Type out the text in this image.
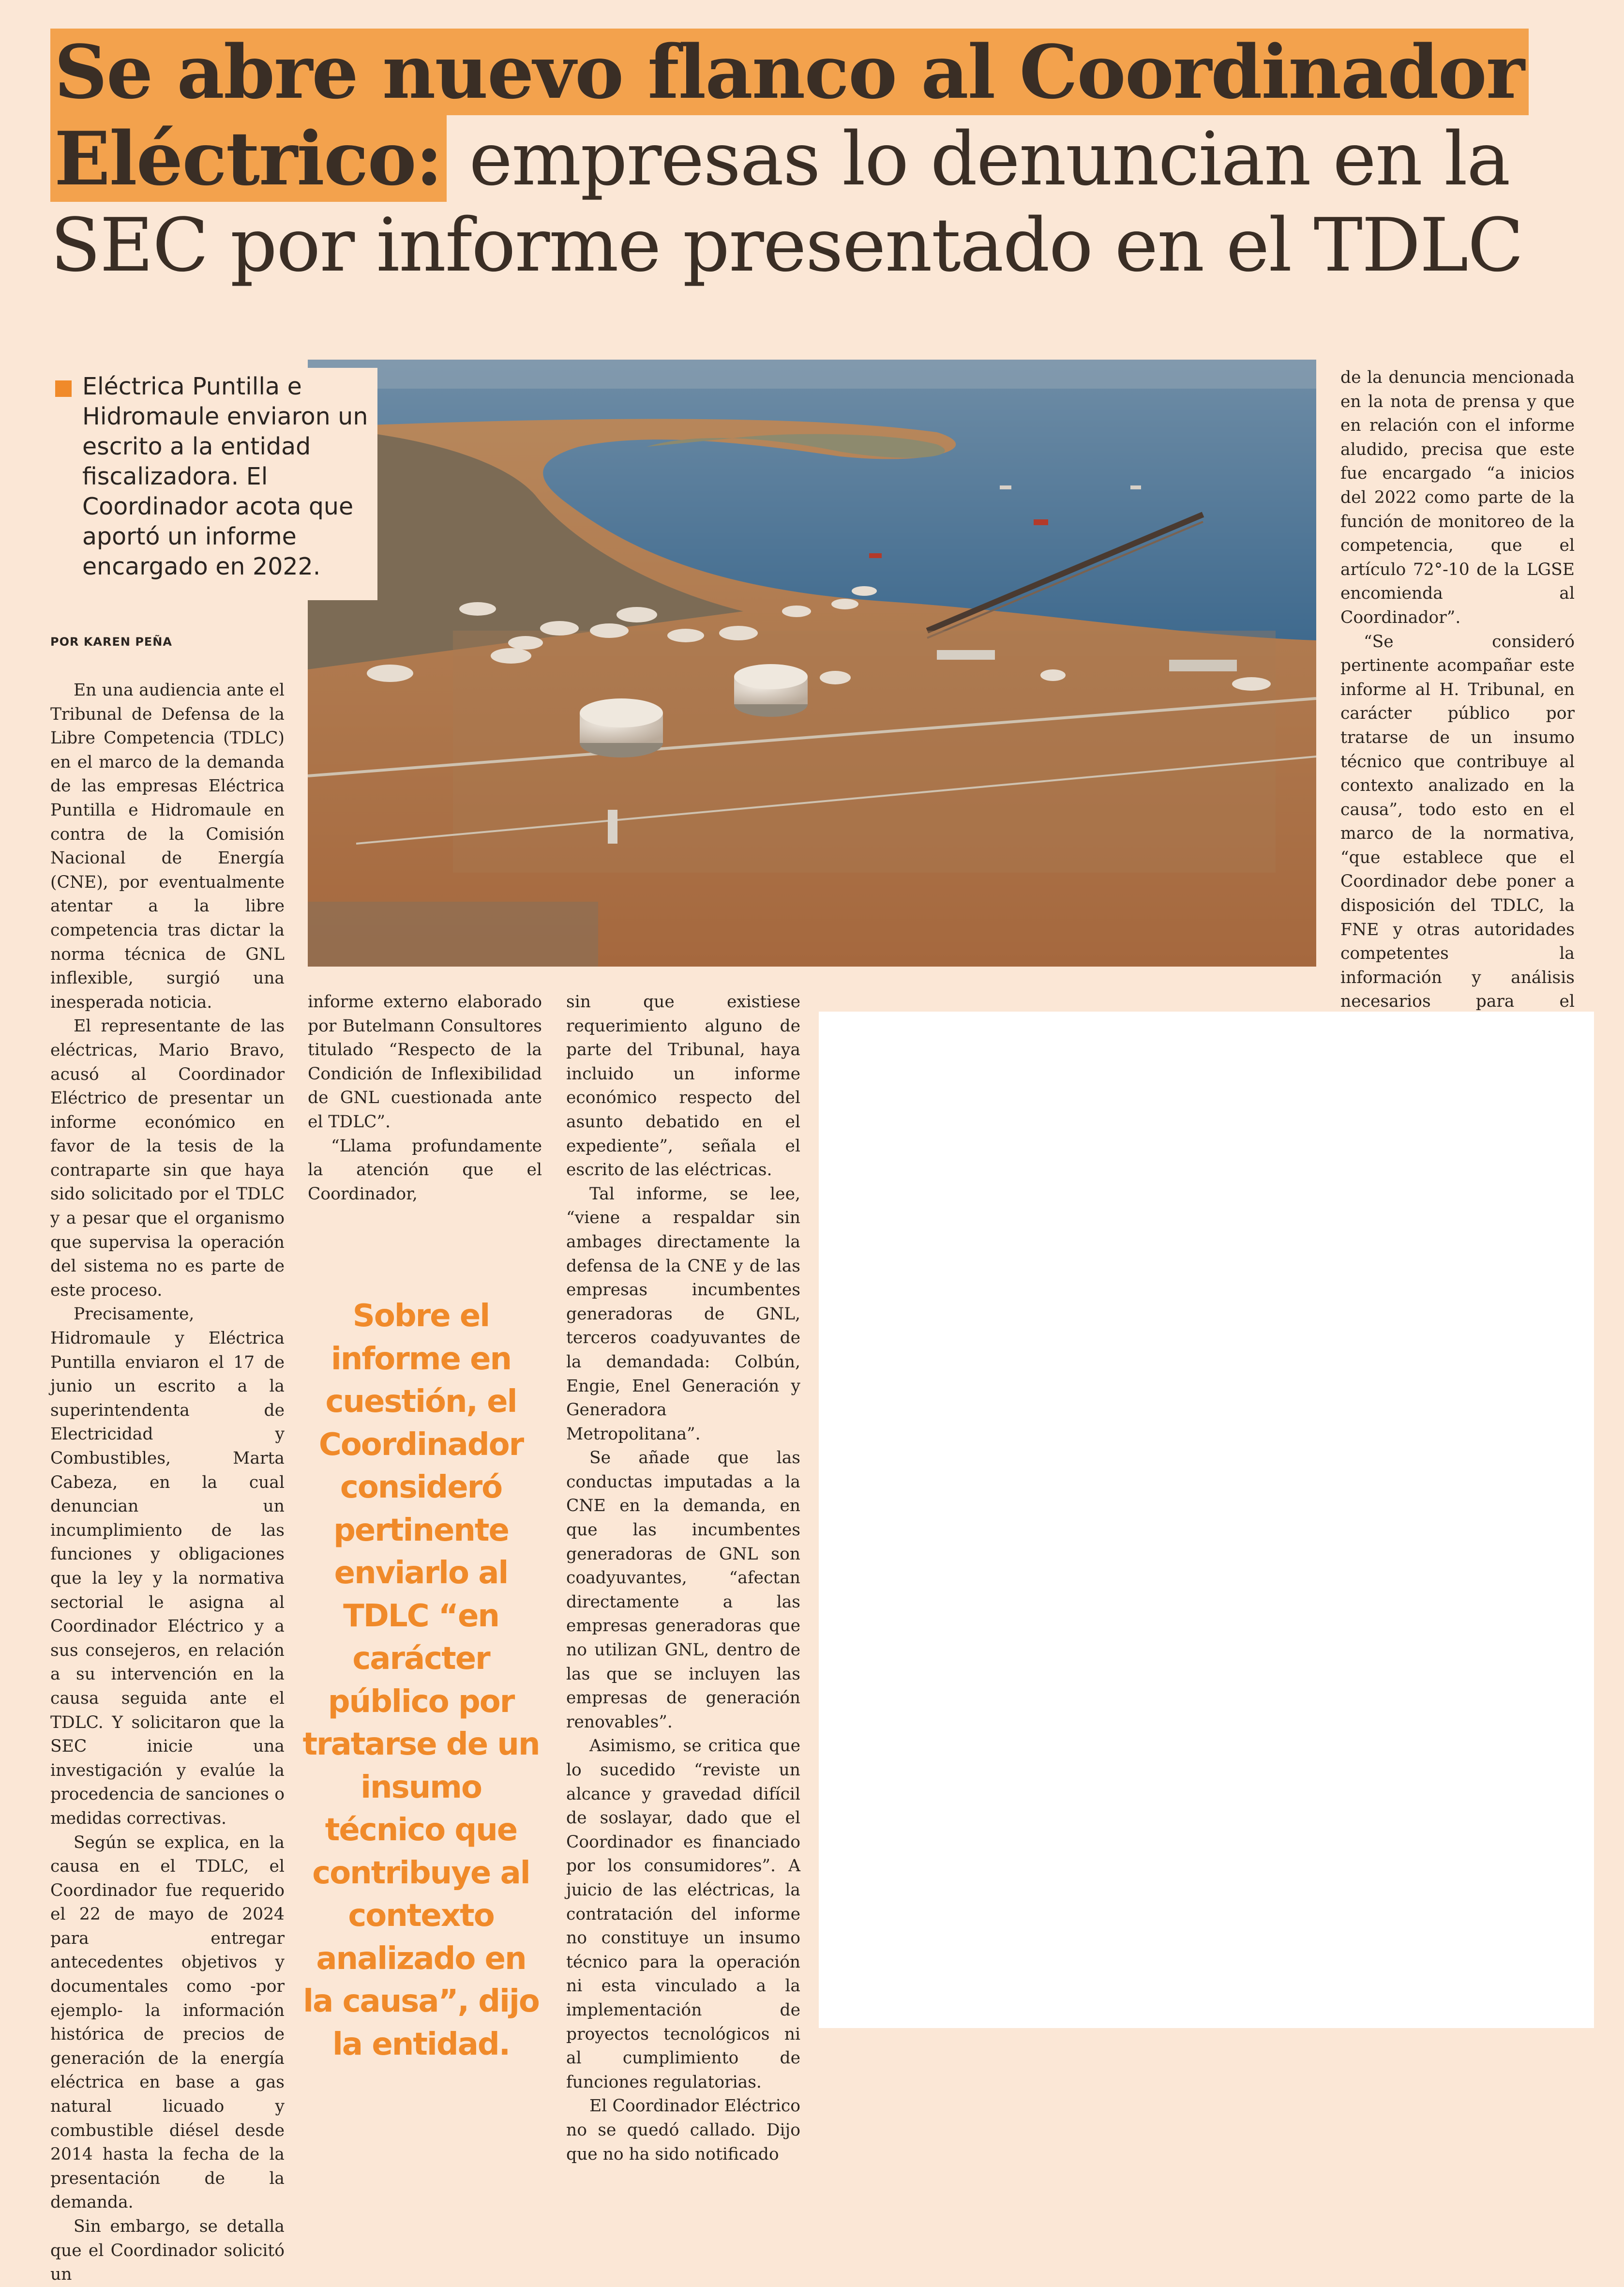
Se abre nuevo flanco al Coordinador
Eléctrico: empresas lo denuncian en la
SEC por informe presentado en el TDLC
Eléctrica Puntilla e Hidromaule enviaron un escrito a la entidad fiscalizadora. El Coordinador acota que aportó un informe encargado en 2022.
POR KAREN PEÑA

En una audiencia ante el Tribunal de Defensa de la Libre Competencia (TDLC) en el marco de la demanda de las empresas Eléctrica Puntilla e Hidromaule en contra de la Comisión Nacional de Energía (CNE), por eventualmente atentar a la libre competencia tras dictar la norma técnica de GNL inflexible, surgió una inesperada noticia.

El representante de las eléctricas, Mario Bravo, acusó al Coordinador Eléctrico de presentar un informe económico en favor de la tesis de la contraparte sin que haya sido solicitado por el TDLC y a pesar que el organismo que supervisa la operación del sistema no es parte de este proceso.

Precisamente, Hidromaule y Eléctrica Puntilla enviaron el 17 de junio un escrito a la superintendenta de Electricidad y Combustibles, Marta Cabeza, en la cual denuncian un incumplimiento de las funciones y obligaciones que la ley y la normativa sectorial le asigna al Coordinador Eléctrico y a sus consejeros, en relación a su intervención en la causa seguida ante el TDLC. Y solicitaron que la SEC inicie una investigación y evalúe la procedencia de sanciones o medidas correctivas.

Según se explica, en la causa en el TDLC, el Coordinador fue requerido el 22 de mayo de 2024 para entregar antecedentes objetivos y documentales como -por ejemplo- la información histórica de precios de generación de la energía eléctrica en base a gas natural licuado y combustible diésel desde 2014 hasta la fecha de la presentación de la demanda.

Sin embargo, se detalla que el Coordinador solicitó un

informe externo elaborado por Butelmann Consultores titulado “Respecto de la Condición de Inflexibilidad de GNL cuestionada ante el TDLC”.

“Llama profundamente la atención que el Coordinador,

Sobre el informe en cuestión, el Coordinador consideró pertinente enviarlo al TDLC “en carácter público por tratarse de un insumo técnico que contribuye al contexto analizado en la causa”, dijo la entidad.

sin que existiese requerimiento alguno de parte del Tribunal, haya incluido un informe económico respecto del asunto debatido en el expediente”, señala el escrito de las eléctricas.

Tal informe, se lee, “viene a respaldar sin ambages directamente la defensa de la CNE y de las empresas incumbentes generadoras de GNL, terceros coadyuvantes de la demandada: Colbún, Engie, Enel Generación y Generadora Metropolitana”.

Se añade que las conductas imputadas a la CNE en la demanda, en que las incumbentes generadoras de GNL son coadyuvantes, “afectan directamente a las empresas generadoras que no utilizan GNL, dentro de las que se incluyen las empresas de generación renovables”.

Asimismo, se critica que lo sucedido “reviste un alcance y gravedad difícil de soslayar, dado que el Coordinador es financiado por los consumidores”. A juicio de las eléctricas, la contratación del informe no constituye un insumo técnico para la operación ni esta vinculado a la implementación de proyectos tecnológicos ni al cumplimiento de funciones regulatorias.

El Coordinador Eléctrico no se quedó callado. Dijo que no ha sido notificado

de la denuncia mencionada en la nota de prensa y que en relación con el informe aludido, precisa que este fue encargado “a inicios del 2022 como parte de la función de monitoreo de la competencia, que el artículo 72°-10 de la LGSE encomienda al Coordinador”.

“Se consideró pertinente acompañar este informe al H. Tribunal, en carácter público por tratarse de un insumo técnico que contribuye al contexto analizado en la causa”, todo esto en el marco de la normativa, “que establece que el Coordinador debe poner a disposición del TDLC, la FNE y otras autoridades competentes la información y análisis necesarios para el
